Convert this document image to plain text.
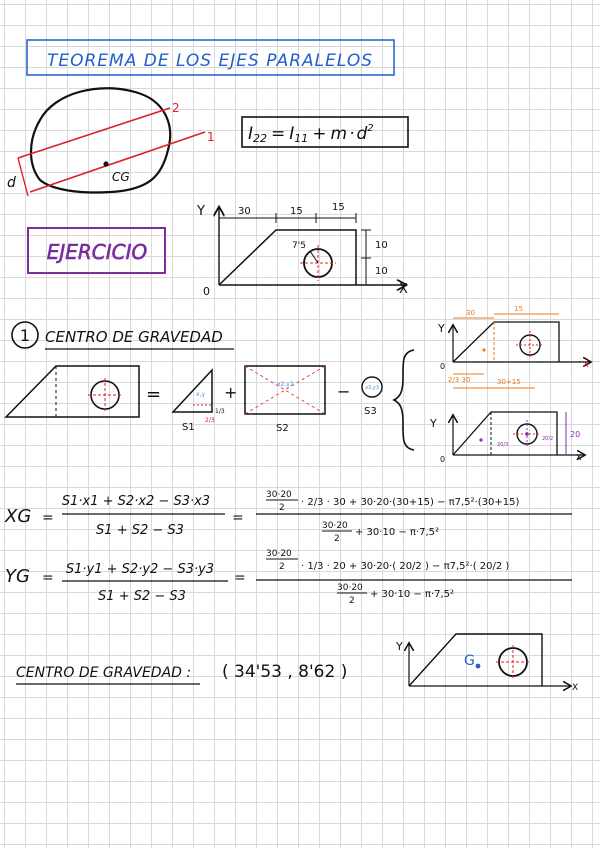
TEOREMA DE LOS EJES PARALELOS
2
1
d	CG
$I22 = I11 + m \cdot d^2$
EJERCICIO
Y
X
0
30	15	15
7'5	10
10
1 CENTRO DE GRAVEDAD
=	x,y
1/3
2/3
S1
+	x2,y2
S2
−	x3,y3
S3
Y
X
0
30	15
2/3·30	30+15
Y
X
0
20/3
20/2 20
XG =
S1·x1 + S2·x2 − S3·x3
S1 + S2 − S3
=
30·20
2 · 2/3 · 30 + 30·20·(30+15) − π7,5²·(30+15)
30·20
2
+ 30·10 − π·7,5²
YG =
S1·y1 + S2·y2 − S3·y3
S1 + S2 − S3
=
30·20
2 · 1/3 · 20 + 30·20·( 20/2 ) − π7,5²·( 20/2 )
30·20
2
+ 30·10 − π·7,5²
CENTRO DE GRAVEDAD : ( 34'53 , 8'62 )
Y
X
G
